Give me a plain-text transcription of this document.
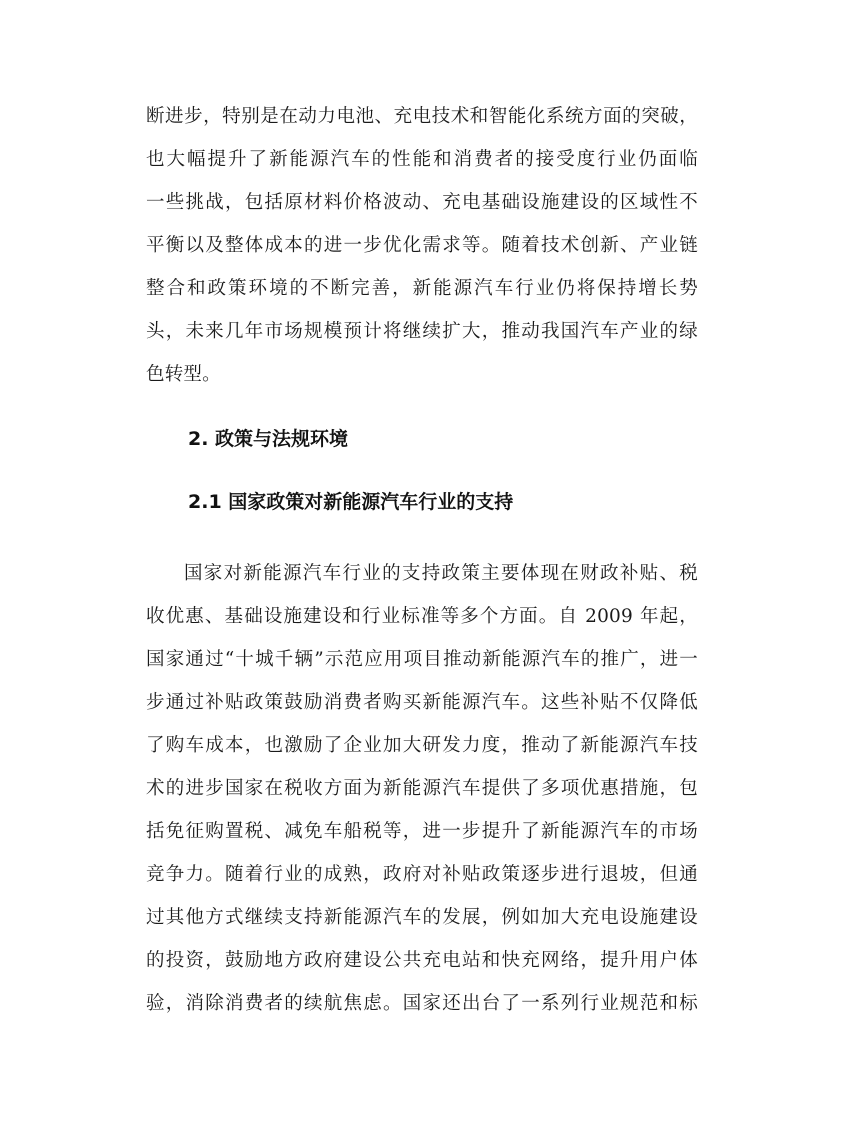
断进步，特别是在动力电池、充电技术和智能化系统方面的突破，
也大幅提升了新能源汽车的性能和消费者的接受度行业仍面临
一些挑战，包括原材料价格波动、充电基础设施建设的区域性不
平衡以及整体成本的进一步优化需求等。随着技术创新、产业链
整合和政策环境的不断完善，新能源汽车行业仍将保持增长势
头，未来几年市场规模预计将继续扩大，推动我国汽车产业的绿
色转型。
2. 政策与法规环境
2.1 国家政策对新能源汽车行业的支持
国家对新能源汽车行业的支持政策主要体现在财政补贴、税
收优惠、基础设施建设和行业标准等多个方面。自 2009 年起，
国家通过“十城千辆”示范应用项目推动新能源汽车的推广，进一
步通过补贴政策鼓励消费者购买新能源汽车。这些补贴不仅降低
了购车成本，也激励了企业加大研发力度，推动了新能源汽车技
术的进步国家在税收方面为新能源汽车提供了多项优惠措施，包
括免征购置税、减免车船税等，进一步提升了新能源汽车的市场
竞争力。随着行业的成熟，政府对补贴政策逐步进行退坡，但通
过其他方式继续支持新能源汽车的发展，例如加大充电设施建设
的投资，鼓励地方政府建设公共充电站和快充网络，提升用户体
验，消除消费者的续航焦虑。国家还出台了一系列行业规范和标
